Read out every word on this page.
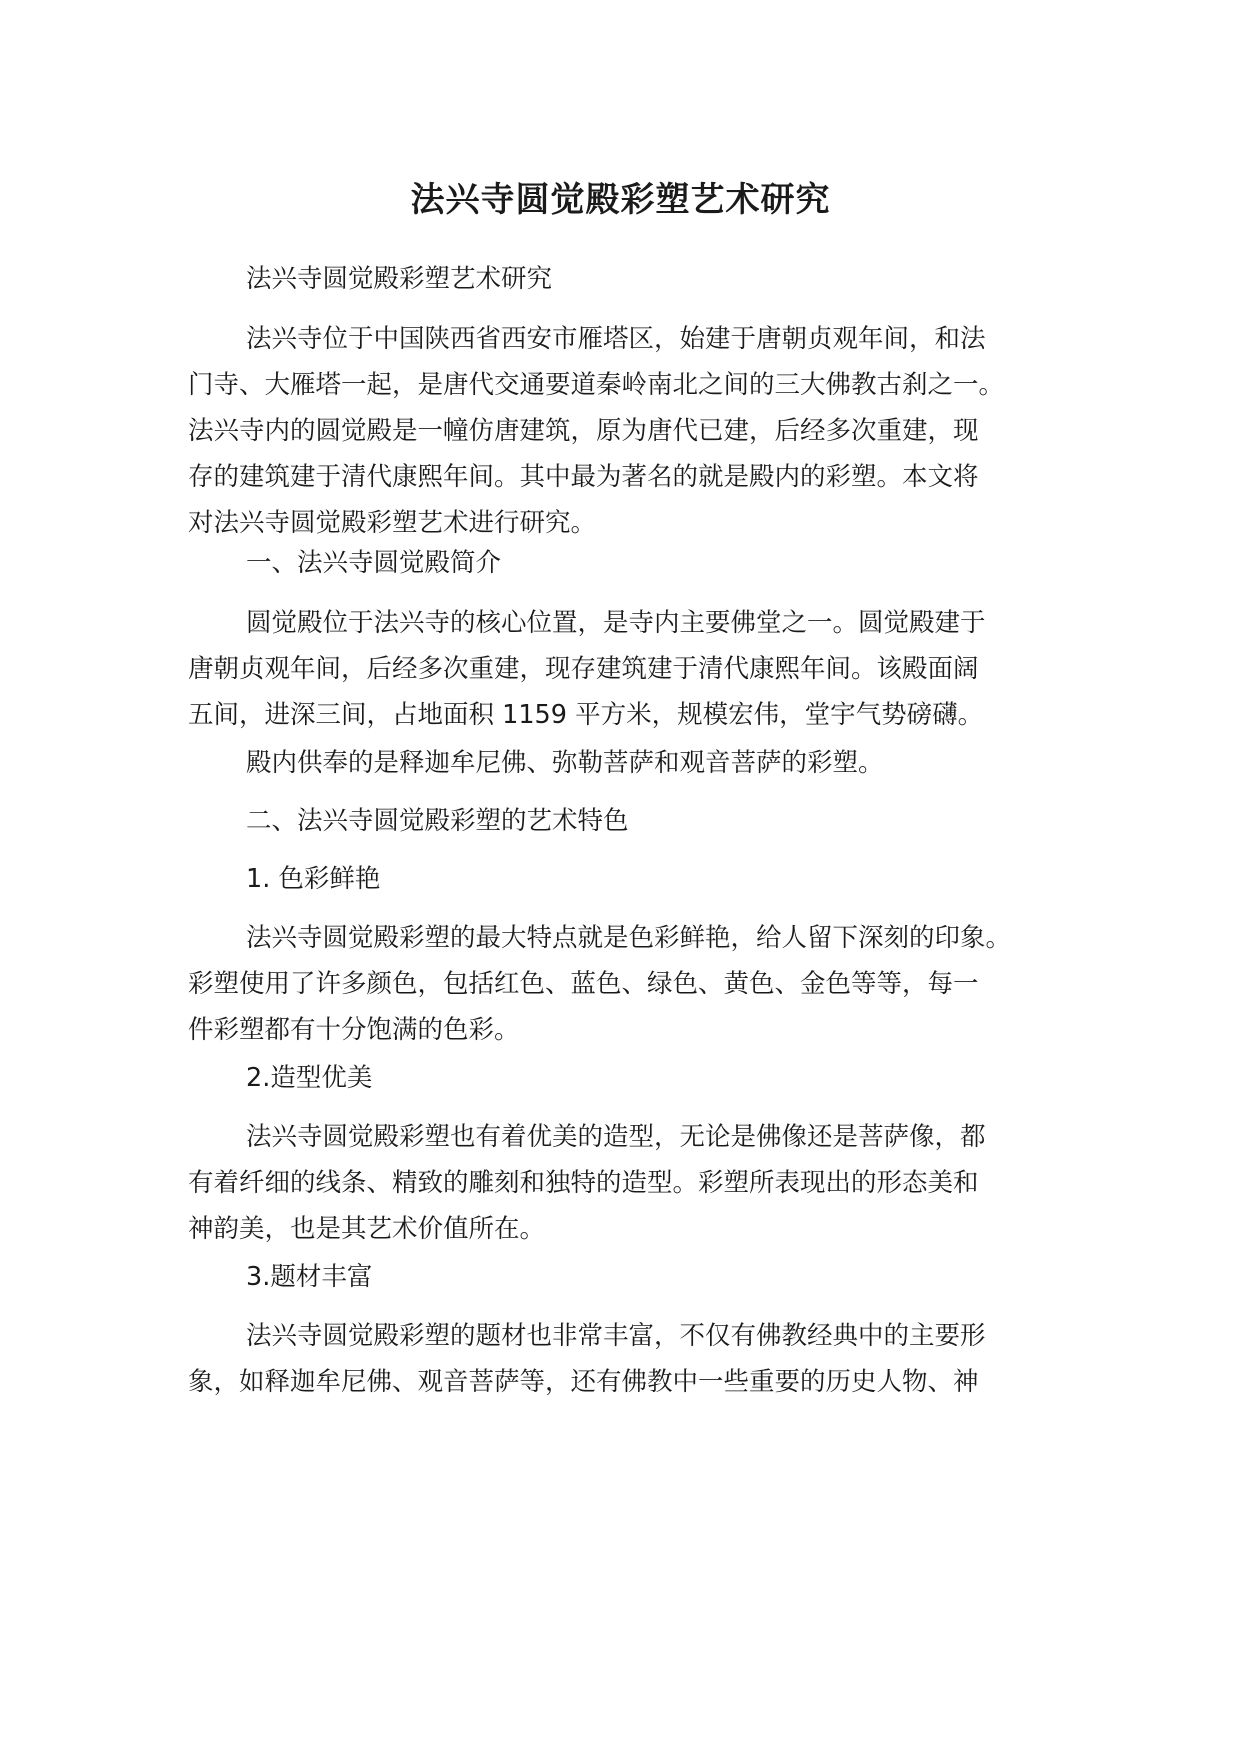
法兴寺圆觉殿彩塑艺术研究

法兴寺圆觉殿彩塑艺术研究

法兴寺位于中国陕西省西安市雁塔区，始建于唐朝贞观年间，和法
门寺、大雁塔一起，是唐代交通要道秦岭南北之间的三大佛教古刹之一。
法兴寺内的圆觉殿是一幢仿唐建筑，原为唐代已建，后经多次重建，现
存的建筑建于清代康熙年间。其中最为著名的就是殿内的彩塑。本文将
对法兴寺圆觉殿彩塑艺术进行研究。

一、法兴寺圆觉殿简介

圆觉殿位于法兴寺的核心位置，是寺内主要佛堂之一。圆觉殿建于
唐朝贞观年间，后经多次重建，现存建筑建于清代康熙年间。该殿面阔
五间，进深三间，占地面积 1159 平方米，规模宏伟，堂宇气势磅礴。

殿内供奉的是释迦牟尼佛、弥勒菩萨和观音菩萨的彩塑。

二、法兴寺圆觉殿彩塑的艺术特色

1. 色彩鲜艳

法兴寺圆觉殿彩塑的最大特点就是色彩鲜艳，给人留下深刻的印象。
彩塑使用了许多颜色，包括红色、蓝色、绿色、黄色、金色等等，每一
件彩塑都有十分饱满的色彩。

2.造型优美

法兴寺圆觉殿彩塑也有着优美的造型，无论是佛像还是菩萨像，都
有着纤细的线条、精致的雕刻和独特的造型。彩塑所表现出的形态美和
神韵美，也是其艺术价值所在。

3.题材丰富

法兴寺圆觉殿彩塑的题材也非常丰富，不仅有佛教经典中的主要形
象，如释迦牟尼佛、观音菩萨等，还有佛教中一些重要的历史人物、神
